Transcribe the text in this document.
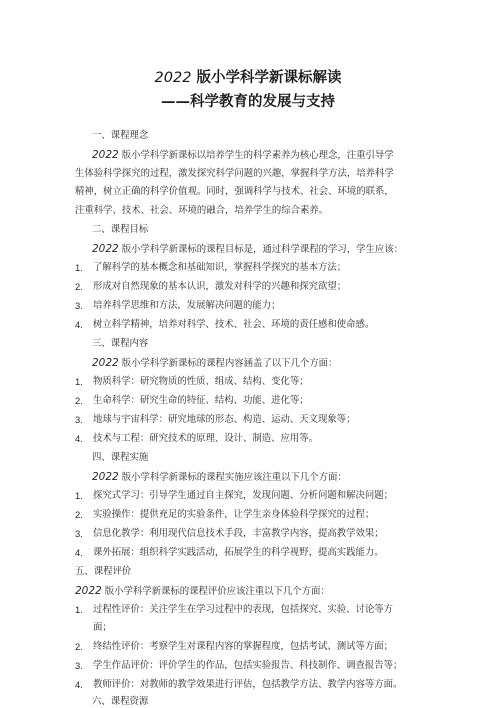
2022 版小学科学新课标解读
——科学教育的发展与支持
一、课程理念
2022 版小学科学新课标以培养学生的科学素养为核心理念，注重引导学
生体验科学探究的过程，激发探究科学问题的兴趣，掌握科学方法，培养科学
精神，树立正确的科学价值观。同时，强调科学与技术、社会、环境的联系，
注重科学、技术、社会、环境的融合，培养学生的综合素养。
二、课程目标
2022 版小学科学新课标的课程目标是，通过科学课程的学习，学生应该：
1.	了解科学的基本概念和基础知识，掌握科学探究的基本方法；
2.	形成对自然现象的基本认识，激发对科学的兴趣和探究欲望；
3.	培养科学思维和方法，发展解决问题的能力；
4.	树立科学精神，培养对科学、技术、社会、环境的责任感和使命感。
三、课程内容
2022 版小学科学新课标的课程内容涵盖了以下几个方面：
1.	物质科学：研究物质的性质、组成、结构、变化等；
2.	生命科学：研究生命的特征、结构、功能、进化等；
3.	地球与宇宙科学：研究地球的形态、构造、运动、天文现象等；
4.	技术与工程：研究技术的原理、设计、制造、应用等。
四、课程实施
2022 版小学科学新课标的课程实施应该注重以下几个方面：
1.	探究式学习：引导学生通过自主探究，发现问题、分析问题和解决问题；
2.	实验操作：提供充足的实验条件，让学生亲身体验科学探究的过程；
3.	信息化教学：利用现代信息技术手段，丰富教学内容，提高教学效果；
4.	课外拓展：组织科学实践活动，拓展学生的科学视野，提高实践能力。
五、课程评价
2022 版小学科学新课标的课程评价应该注重以下几个方面：
1.	过程性评价：关注学生在学习过程中的表现，包括探究、实验、讨论等方
面；
2.	终结性评价：考察学生对课程内容的掌握程度，包括考试、测试等方面；
3.	学生作品评价：评价学生的作品，包括实验报告、科技制作、调查报告等；
4.	教师评价：对教师的教学效果进行评估，包括教学方法、教学内容等方面。
六、课程资源
